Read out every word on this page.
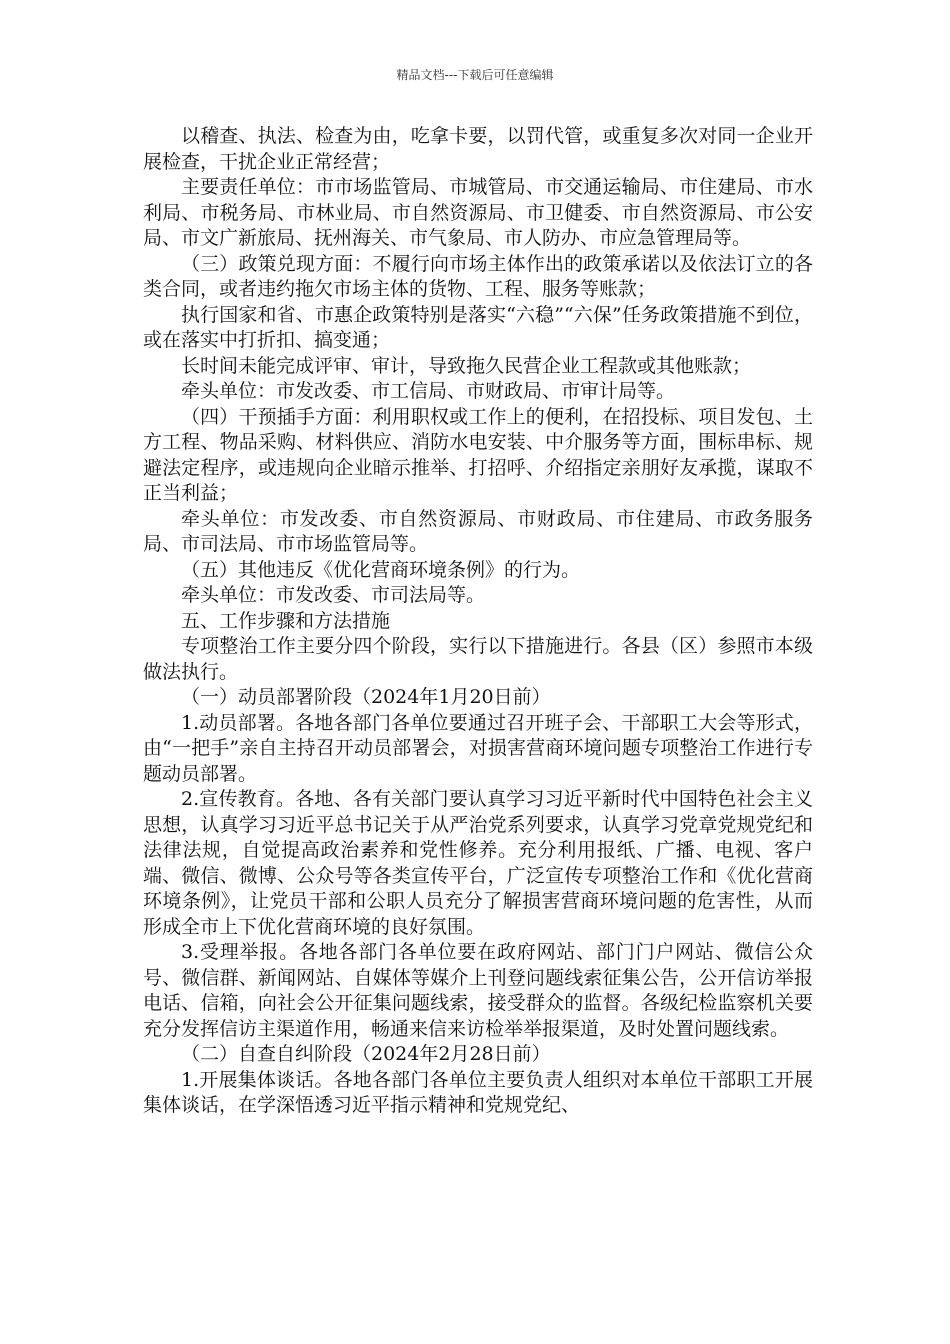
精品文档---下载后可任意编辑

以稽查、执法、检查为由，吃拿卡要，以罚代管，或重复多次对同一企业开展检查，干扰企业正常经营；

主要责任单位：市市场监管局、市城管局、市交通运输局、市住建局、市水利局、市税务局、市林业局、市自然资源局、市卫健委、市自然资源局、市公安局、市文广新旅局、抚州海关、市气象局、市人防办、市应急管理局等。

（三）政策兑现方面：不履行向市场主体作出的政策承诺以及依法订立的各类合同，或者违约拖欠市场主体的货物、工程、服务等账款；

执行国家和省、市惠企政策特别是落实“六稳”“六保”任务政策措施不到位，或在落实中打折扣、搞变通；

长时间未能完成评审、审计，导致拖久民营企业工程款或其他账款；

牵头单位：市发改委、市工信局、市财政局、市审计局等。

（四）干预插手方面：利用职权或工作上的便利，在招投标、项目发包、土方工程、物品采购、材料供应、消防水电安装、中介服务等方面，围标串标、规避法定程序，或违规向企业暗示推举、打招呼、介绍指定亲朋好友承揽，谋取不正当利益；

牵头单位：市发改委、市自然资源局、市财政局、市住建局、市政务服务局、市司法局、市市场监管局等。

（五）其他违反《优化营商环境条例》的行为。

牵头单位：市发改委、市司法局等。

五、工作步骤和方法措施

专项整治工作主要分四个阶段，实行以下措施进行。各县（区）参照市本级做法执行。

（一）动员部署阶段（2024年1月20日前）

1.动员部署。各地各部门各单位要通过召开班子会、干部职工大会等形式，由“一把手”亲自主持召开动员部署会，对损害营商环境问题专项整治工作进行专题动员部署。

2.宣传教育。各地、各有关部门要认真学习习近平新时代中国特色社会主义思想，认真学习习近平总书记关于从严治党系列要求，认真学习党章党规党纪和法律法规，自觉提高政治素养和党性修养。充分利用报纸、广播、电视、客户端、微信、微博、公众号等各类宣传平台，广泛宣传专项整治工作和《优化营商环境条例》，让党员干部和公职人员充分了解损害营商环境问题的危害性，从而形成全市上下优化营商环境的良好氛围。

3.受理举报。各地各部门各单位要在政府网站、部门门户网站、微信公众号、微信群、新闻网站、自媒体等媒介上刊登问题线索征集公告，公开信访举报电话、信箱，向社会公开征集问题线索，接受群众的监督。各级纪检监察机关要充分发挥信访主渠道作用，畅通来信来访检举举报渠道，及时处置问题线索。

（二）自查自纠阶段（2024年2月28日前）

1.开展集体谈话。各地各部门各单位主要负责人组织对本单位干部职工开展集体谈话，在学深悟透习近平指示精神和党规党纪、
